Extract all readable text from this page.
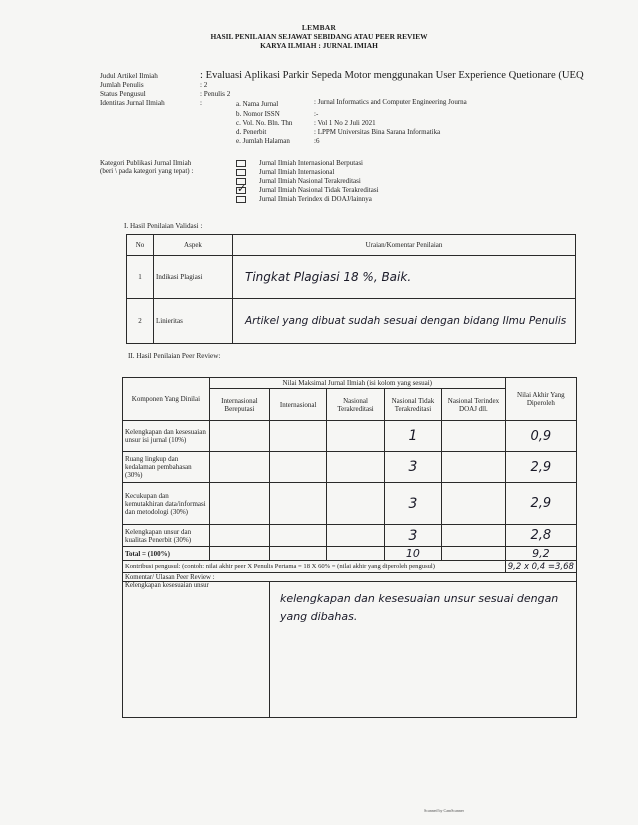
LEMBAR
HASIL PENILAIAN SEJAWAT SEBIDANG ATAU PEER REVIEW
KARYA ILMIAH : JURNAL IMIAH
Judul Artikel Ilmiah	: Evaluasi Aplikasi Parkir Sepeda Motor menggunakan User Experience Quetionare (UEQ
Jumlah Penulis	: 2
Status Pengusul	: Penulis 2
Identitas Jurnal Ilmiah	:	a. Nama Jurnal	: Jurnal Informatics and Computer Engineering Journa
b. Nomor ISSN	:-
c. Vol. No. Bln. Thn	: Vol 1 No 2 Juli 2021
d. Penerbit	: LPPM Universitas Bina Sarana Informatika
e. Jumlah Halaman	:6
Kategori Publikasi Jurnal Ilmiah
(beri \ pada kategori yang tepat) :
Jurnal Ilmiah Internasional Berputasi
Jurnal Ilmiah Internasional
Jurnal Ilmiah Nasional Terakreditasi
✓ Jurnal Ilmiah Nasional Tidak Terakreditasi
Jurnal Ilmiah Terindex di DOAJ/lainnya
I. Hasil Penilaian Validasi :
No	Aspek	Uraian/Komentar Penilaian
1	Indikasi Plagiasi	Tingkat Plagiasi 18 %, Baik.
2	Linieritas	Artikel yang dibuat sudah sesuai dengan bidang Ilmu Penulis
II. Hasil Penilaian Peer Review:
Komponen Yang Dinilai	Nilai Maksimal Jurnal Ilmiah (isi kolom yang sesuai)					Nilai Akhir Yang Diperoleh
	Internasional Bereputasi	Internasional	Nasional Terakreditasi	Nasional Tidak Terakreditasi	Nasional Terindex DOAJ dll.	
Kelengkapan dan kesesuaian unsur isi jurnal (10%)				1		0,9
Ruang lingkup dan kedalaman pembahasan (30%)				3		2,9
Kecukupan dan kemutakhiran data/informasi dan metodologi (30%)				3		2,9
Kelengkapan unsur dan kualitas Penerbit (30%)				3		2,8
Total = (100%)				10		9,2
Kontribusi pengusul: (contoh: nilai akhir peer X Penulis Pertama = 18 X 60% = (nilai akhir yang diperoleh pengusul)						9,2 x 0,4 =3,68
Komentar/ Ulasan Peer Review :						
Kelengkapan kesesuaian unsur		kelengkapan dan kesesuaian unsur sesuai dengan yang dibahas.				
Scanned by CamScanner
